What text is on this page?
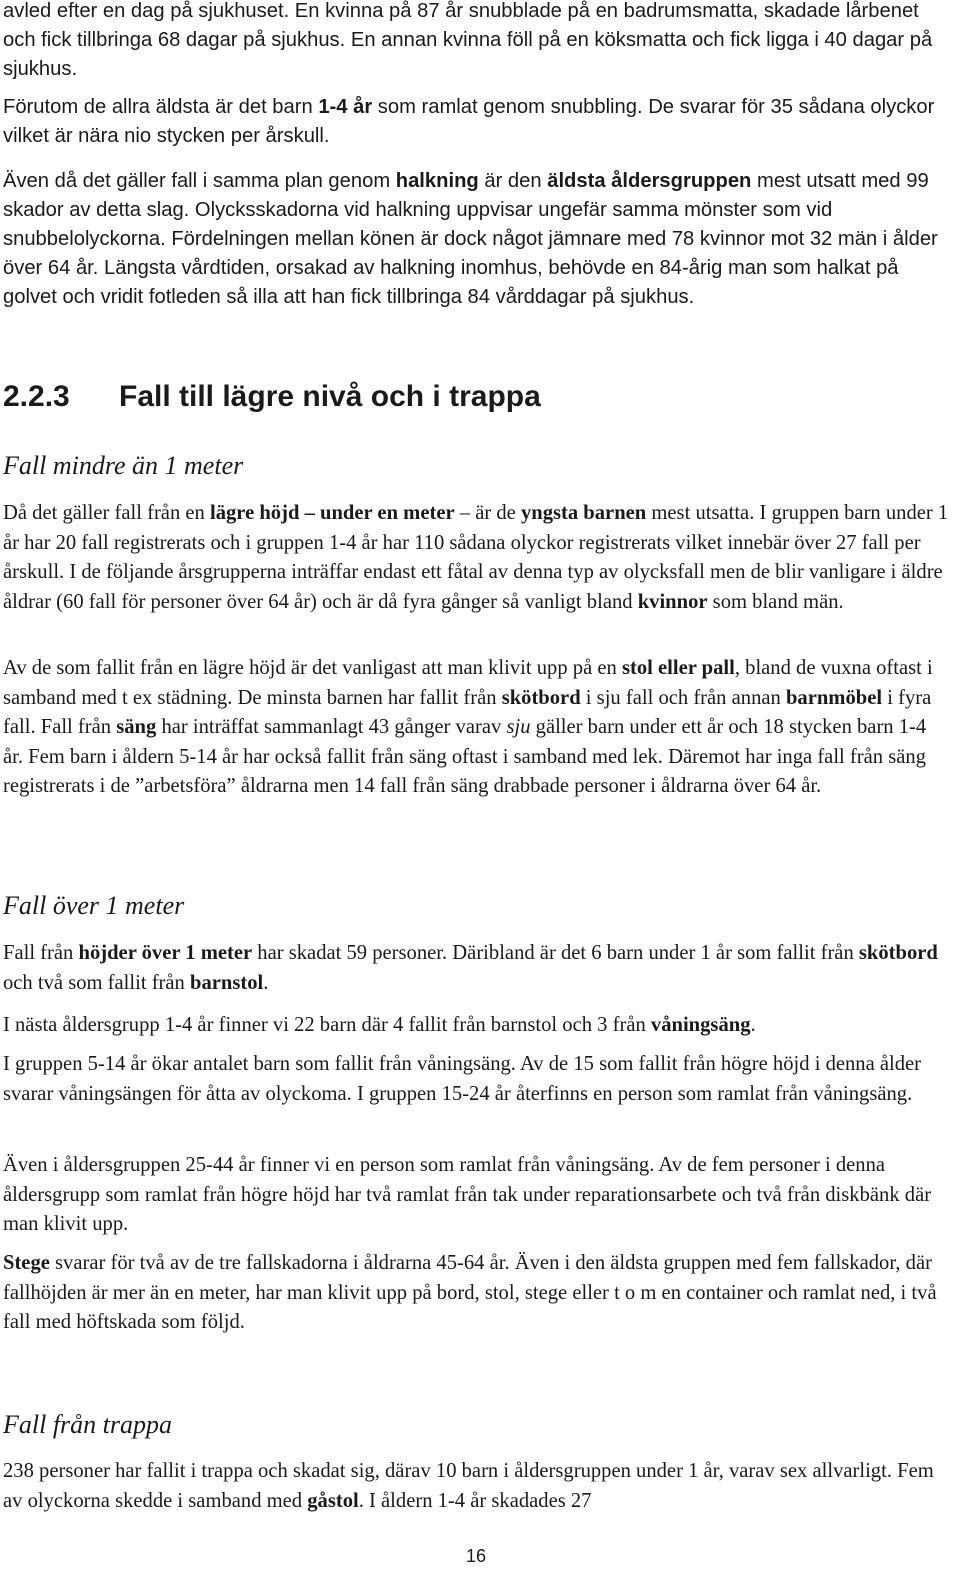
avled efter en dag på sjukhuset. En kvinna på 87 år snubblade på en badrumsmatta, skadade lårbenet och fick tillbringa 68 dagar på sjukhus. En annan kvinna föll på en köksmatta och fick ligga i 40 dagar på sjukhus.

Förutom de allra äldsta är det barn 1-4 år som ramlat genom snubbling. De svarar för 35 sådana olyckor vilket är nära nio stycken per årskull.

Även då det gäller fall i samma plan genom halkning är den äldsta åldersgruppen mest utsatt med 99 skador av detta slag. Olycksskadorna vid halkning uppvisar ungefär samma mönster som vid snubbelolyckorna. Fördelningen mellan könen är dock något jämnare med 78 kvinnor mot 32 män i ålder över 64 år. Längsta vårdtiden, orsakad av halkning inomhus, behövde en 84-årig man som halkat på golvet och vridit fotleden så illa att han fick tillbringa 84 vårddagar på sjukhus.

2.2.3 Fall till lägre nivå och i trappa
Fall mindre än 1 meter

Då det gäller fall från en lägre höjd – under en meter – är de yngsta barnen mest utsatta. I gruppen barn under 1 år har 20 fall registrerats och i gruppen 1-4 år har 110 sådana olyckor registrerats vilket innebär över 27 fall per årskull. I de följande årsgrupperna inträffar endast ett fåtal av denna typ av olycksfall men de blir vanligare i äldre åldrar (60 fall för personer över 64 år) och är då fyra gånger så vanligt bland kvinnor som bland män.

Av de som fallit från en lägre höjd är det vanligast att man klivit upp på en stol eller pall, bland de vuxna oftast i samband med t ex städning. De minsta barnen har fallit från skötbord i sju fall och från annan barnmöbel i fyra fall. Fall från säng har inträffat sammanlagt 43 gånger varav sju gäller barn under ett år och 18 stycken barn 1-4 år. Fem barn i åldern 5-14 år har också fallit från säng oftast i samband med lek. Däremot har inga fall från säng registrerats i de ”arbetsföra” åldrarna men 14 fall från säng drabbade personer i åldrarna över 64 år.

Fall över 1 meter

Fall från höjder över 1 meter har skadat 59 personer. Däribland är det 6 barn under 1 år som fallit från skötbord och två som fallit från barnstol.

I nästa åldersgrupp 1-4 år finner vi 22 barn där 4 fallit från barnstol och 3 från våningsäng.

I gruppen 5-14 år ökar antalet barn som fallit från våningsäng. Av de 15 som fallit från högre höjd i denna ålder svarar våningsängen för åtta av olyckoma. I gruppen 15-24 år återfinns en person som ramlat från våningsäng.

Även i åldersgruppen 25-44 år finner vi en person som ramlat från våningsäng. Av de fem personer i denna åldersgrupp som ramlat från högre höjd har två ramlat från tak under reparationsarbete och två från diskbänk där man klivit upp.

Stege svarar för två av de tre fallskadorna i åldrarna 45-64 år. Även i den äldsta gruppen med fem fallskador, där fallhöjden är mer än en meter, har man klivit upp på bord, stol, stege eller t o m en container och ramlat ned, i två fall med höftskada som följd.

Fall från trappa

238 personer har fallit i trappa och skadat sig, därav 10 barn i åldersgruppen under 1 år, varav sex allvarligt. Fem av olyckorna skedde i samband med gåstol. I åldern 1-4 år skadades 27

16
